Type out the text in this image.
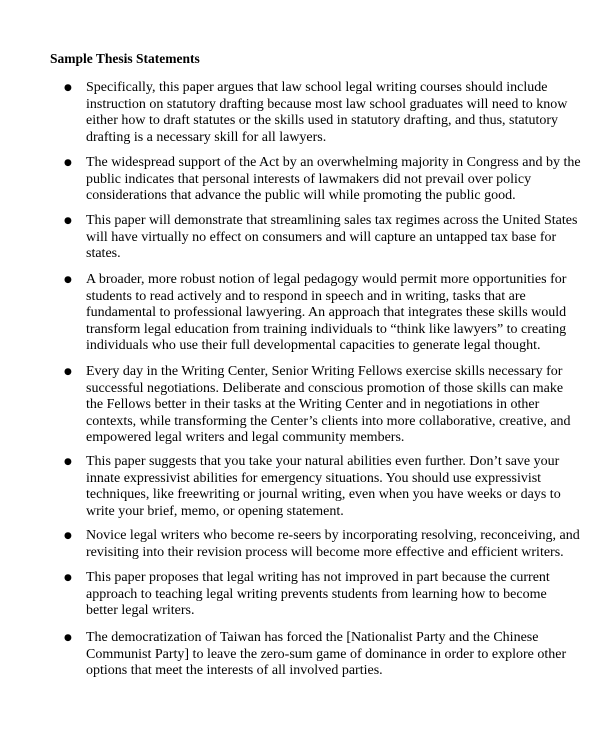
Sample Thesis Statements
● Specifically, this paper argues that law school legal writing courses should include instruction on statutory drafting because most law school graduates will need to know either how to draft statutes or the skills used in statutory drafting, and thus, statutory drafting is a necessary skill for all lawyers.
● The widespread support of the Act by an overwhelming majority in Congress and by the public indicates that personal interests of lawmakers did not prevail over policy considerations that advance the public will while promoting the public good.
● This paper will demonstrate that streamlining sales tax regimes across the United States will have virtually no effect on consumers and will capture an untapped tax base for states.
● A broader, more robust notion of legal pedagogy would permit more opportunities for students to read actively and to respond in speech and in writing, tasks that are fundamental to professional lawyering. An approach that integrates these skills would transform legal education from training individuals to “think like lawyers” to creating individuals who use their full developmental capacities to generate legal thought.
● Every day in the Writing Center, Senior Writing Fellows exercise skills necessary for successful negotiations. Deliberate and conscious promotion of those skills can make the Fellows better in their tasks at the Writing Center and in negotiations in other contexts, while transforming the Center’s clients into more collaborative, creative, and empowered legal writers and legal community members.
● This paper suggests that you take your natural abilities even further. Don’t save your innate expressivist abilities for emergency situations. You should use expressivist techniques, like freewriting or journal writing, even when you have weeks or days to write your brief, memo, or opening statement.
● Novice legal writers who become re-seers by incorporating resolving, reconceiving, and revisiting into their revision process will become more effective and efficient writers.
● This paper proposes that legal writing has not improved in part because the current approach to teaching legal writing prevents students from learning how to become better legal writers.
● The democratization of Taiwan has forced the [Nationalist Party and the Chinese Communist Party] to leave the zero-sum game of dominance in order to explore other options that meet the interests of all involved parties.
